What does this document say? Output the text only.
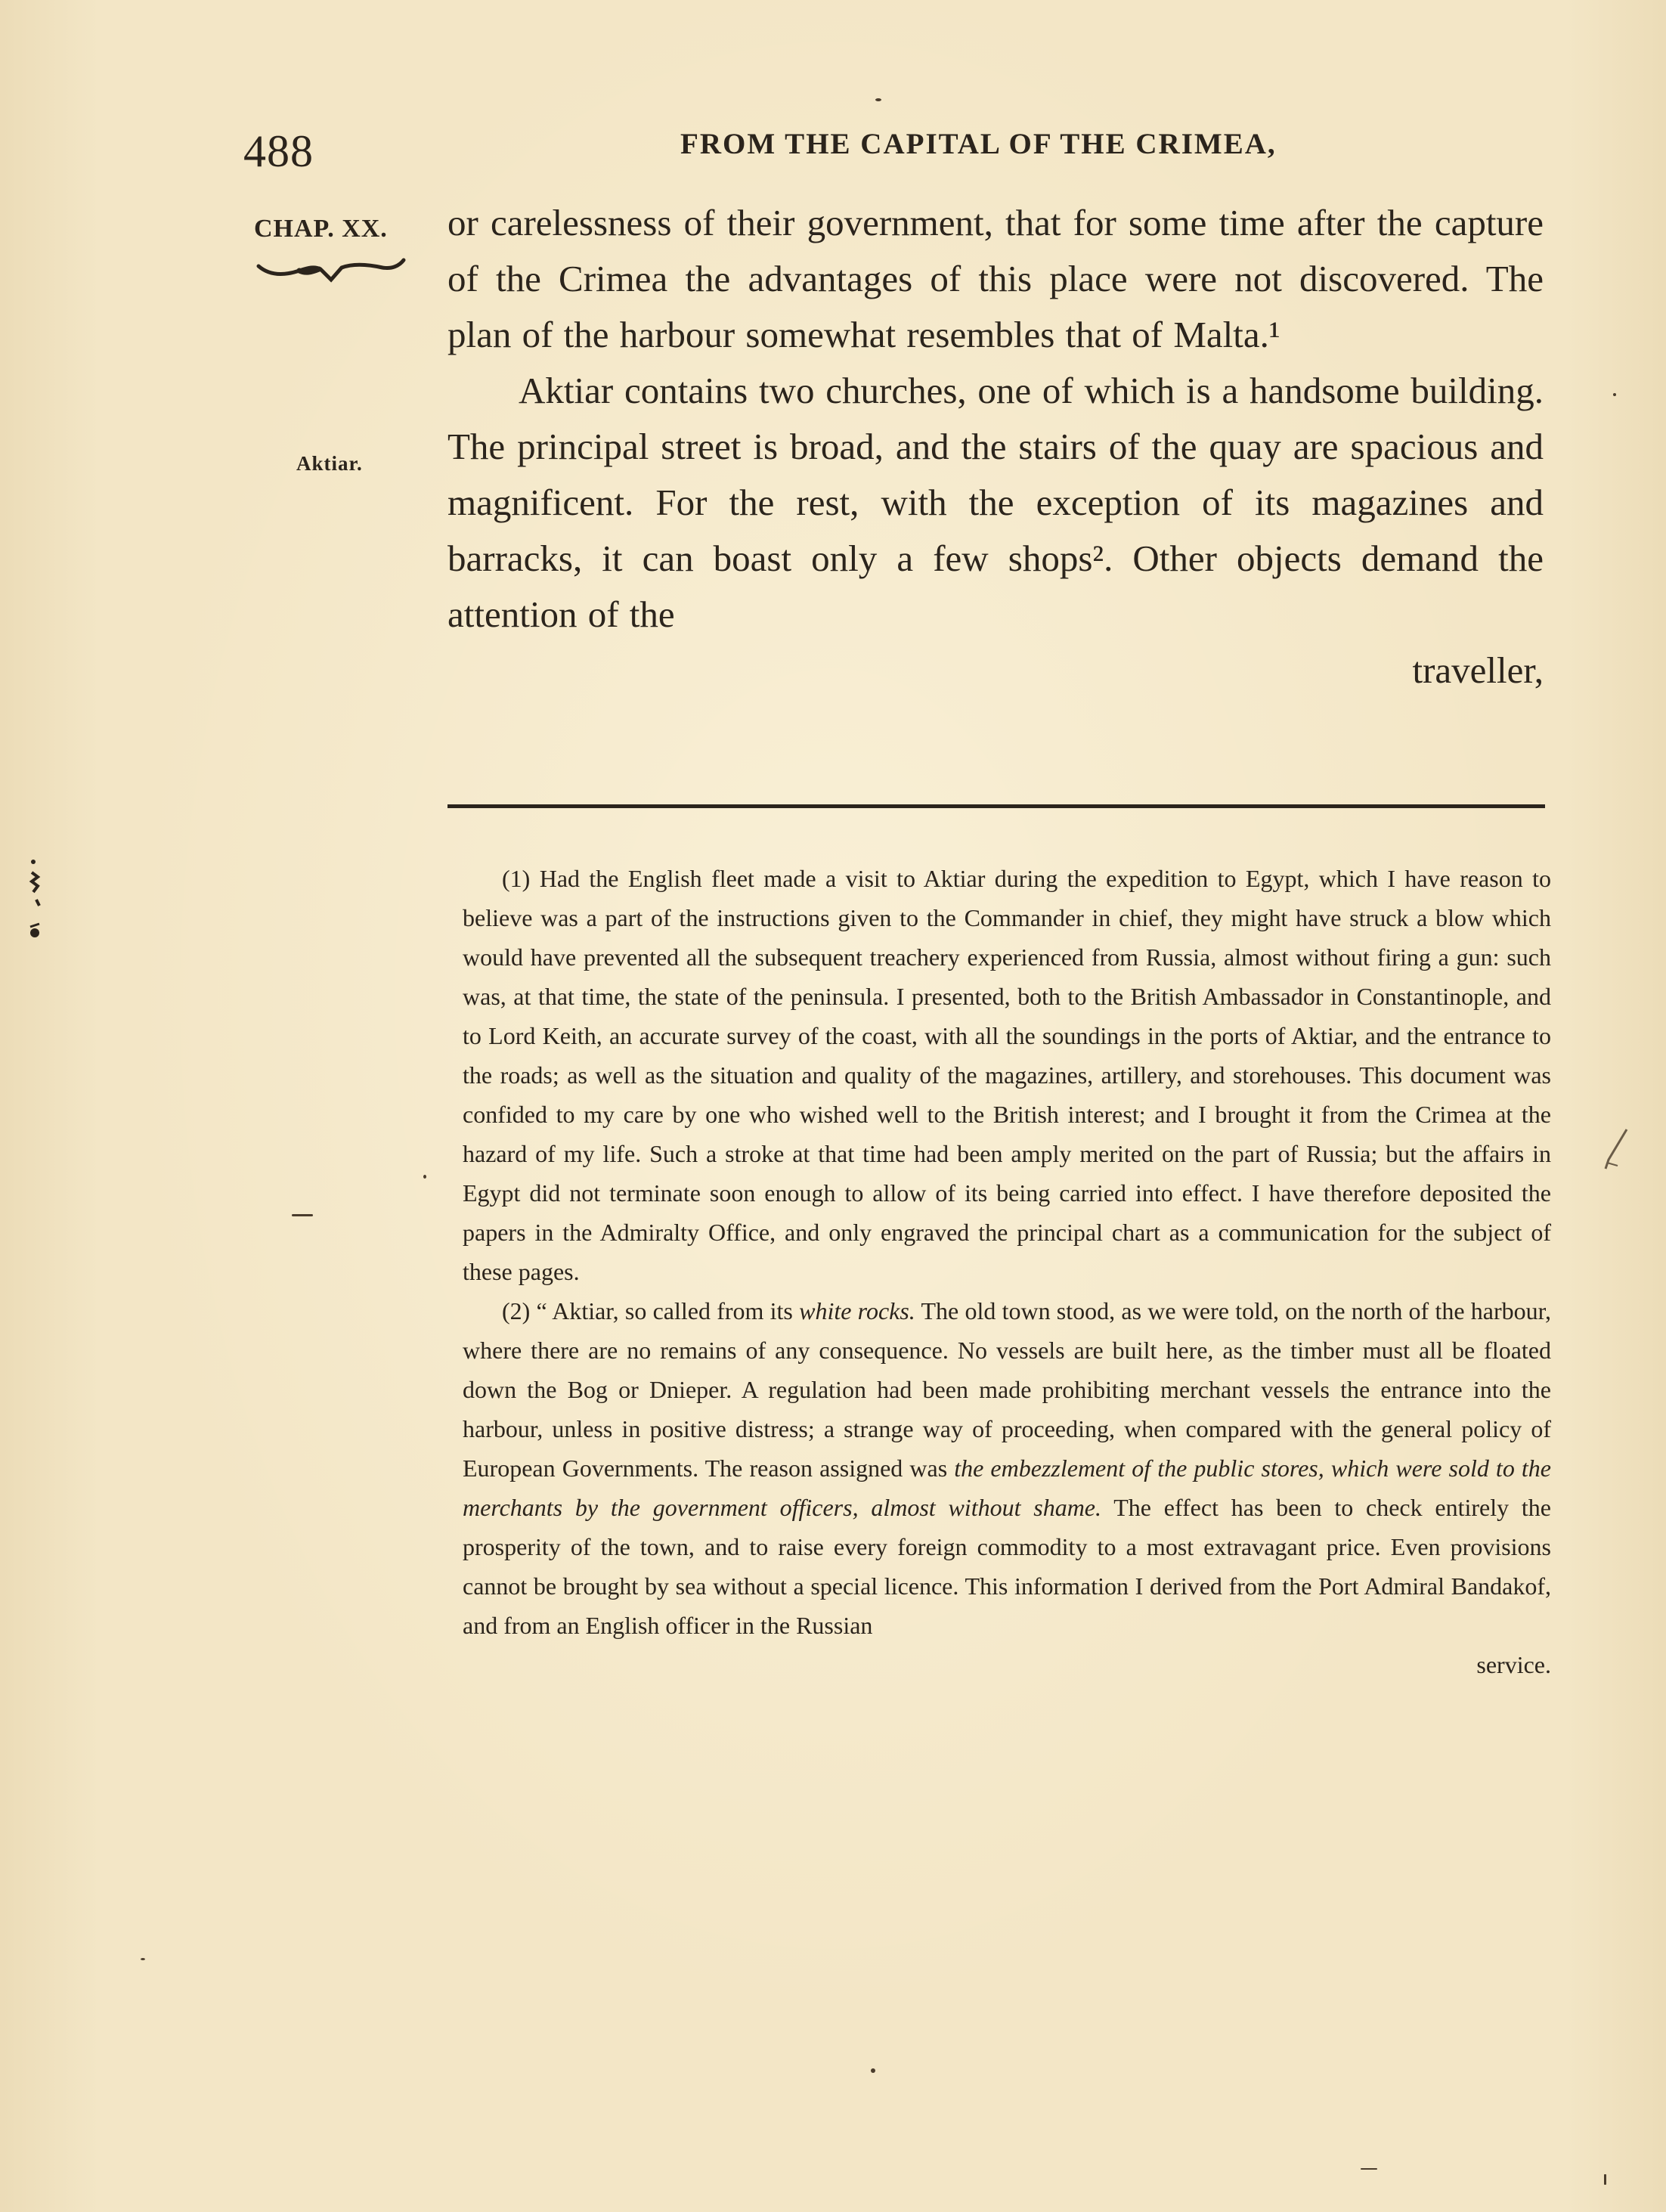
488	FROM THE CAPITAL OF THE CRIMEA,
CHAP. XX.
Aktiar.

or carelessness of their government, that for some time after the capture of the Crimea the advantages of this place were not discovered. The plan of the harbour somewhat resembles that of Malta.¹

Aktiar contains two churches, one of which is a handsome building. The principal street is broad, and the stairs of the quay are spacious and magnificent. For the rest, with the exception of its magazines and barracks, it can boast only a few shops². Other objects demand the attention of the

traveller,

(1) Had the English fleet made a visit to Aktiar during the expedition to Egypt, which I have reason to believe was a part of the instructions given to the Commander in chief, they might have struck a blow which would have prevented all the subsequent treachery experienced from Russia, almost without firing a gun: such was, at that time, the state of the peninsula. I presented, both to the British Ambassador in Constantinople, and to Lord Keith, an accurate survey of the coast, with all the soundings in the ports of Aktiar, and the entrance to the roads; as well as the situation and quality of the magazines, artillery, and storehouses. This document was confided to my care by one who wished well to the British interest; and I brought it from the Crimea at the hazard of my life. Such a stroke at that time had been amply merited on the part of Russia; but the affairs in Egypt did not terminate soon enough to allow of its being carried into effect. I have therefore deposited the papers in the Admiralty Office, and only engraved the principal chart as a communication for the subject of these pages.

(2) “ Aktiar, so called from its white rocks. The old town stood, as we were told, on the north of the harbour, where there are no remains of any consequence. No vessels are built here, as the timber must all be floated down the Bog or Dnieper. A regulation had been made prohibiting merchant vessels the entrance into the harbour, unless in positive distress; a strange way of proceeding, when compared with the general policy of European Governments. The reason assigned was the embezzlement of the public stores, which were sold to the merchants by the government officers, almost without shame. The effect has been to check entirely the prosperity of the town, and to raise every foreign commodity to a most extravagant price. Even provisions cannot be brought by sea without a special licence. This information I derived from the Port Admiral Bandakof, and from an English officer in the Russian

service.
